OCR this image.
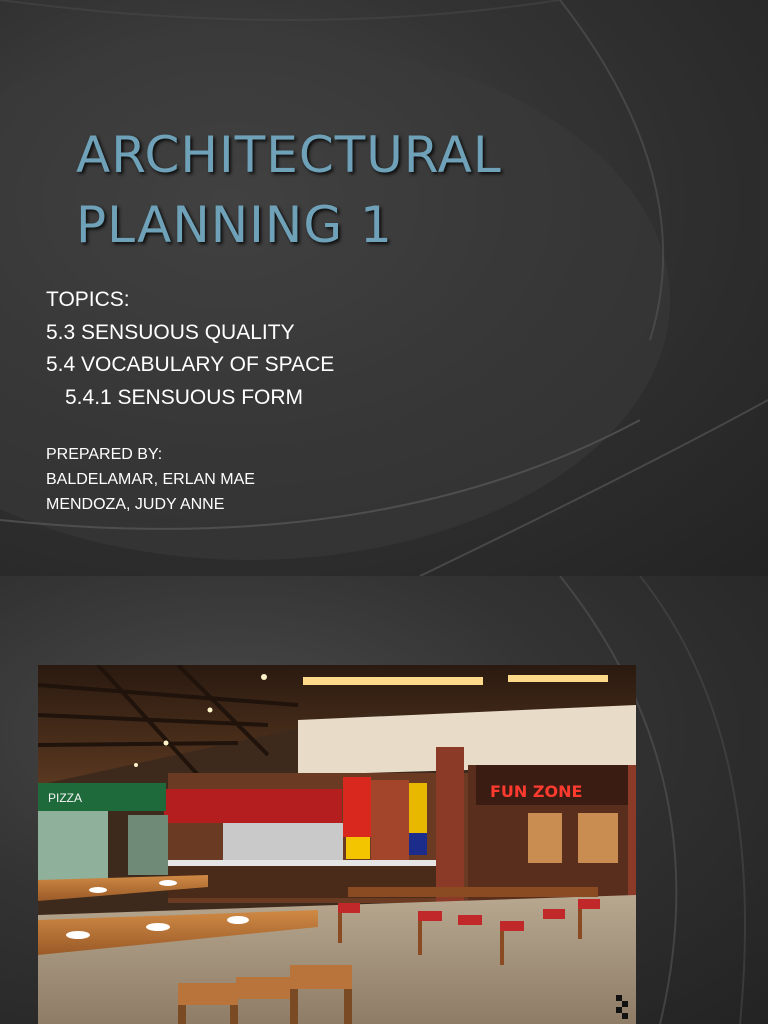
ARCHITECTURAL
PLANNING 1
TOPICS:
5.3 SENSUOUS QUALITY
5.4 VOCABULARY OF SPACE
5.4.1 SENSUOUS FORM
PREPARED BY:
BALDELAMAR, ERLAN MAE
MENDOZA, JUDY ANNE
PIZZA	FUN ZONE
